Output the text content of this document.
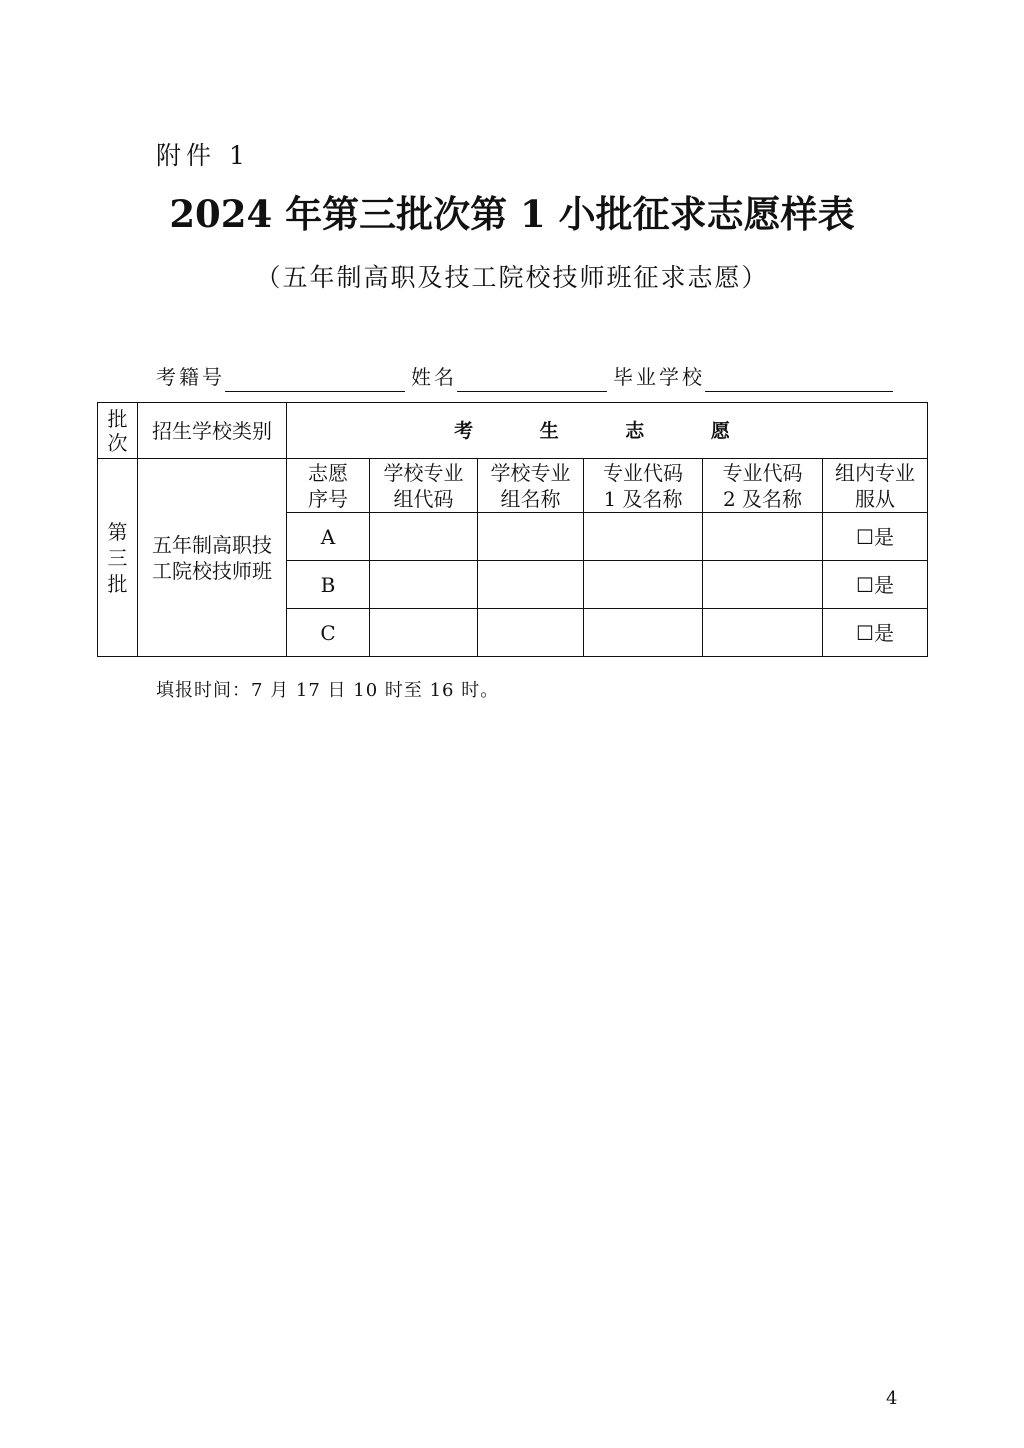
附件 1
2024 年第三批次第 1 小批征求志愿样表
（五年制高职及技工院校技师班征求志愿）
考籍号	姓名	毕业学校
批次	招生学校类别	考 生 志 愿					
第三批	五年制高职技工院校技师班	志愿序号	学校专业组代码	学校专业组名称	专业代码 1 及名称	专业代码 2 及名称	组内专业服从
		A					☐是
		B					☐是
		C					☐是
填报时间：7 月 17 日 10 时至 16 时。
4
